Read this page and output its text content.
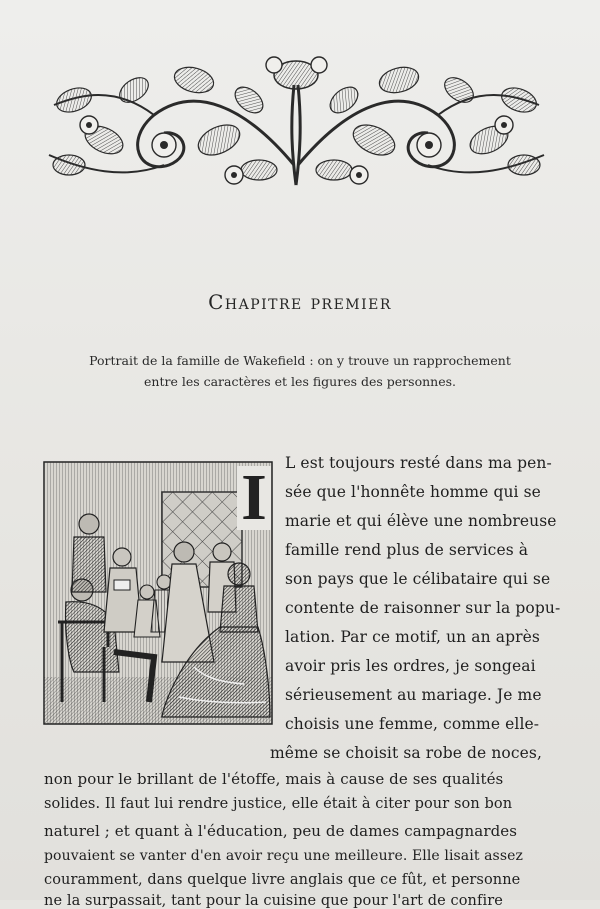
Chapitre premier
Portrait de la famille de Wakefield : on y trouve un rapprochement
entre les caractères et les figures des personnes.
I L est toujours resté dans ma pen-
sée que l'honnête homme qui se
marie et qui élève une nombreuse
famille rend plus de services à
son pays que le célibataire qui se
contente de raisonner sur la popu-
lation. Par ce motif, un an après
avoir pris les ordres, je songeai
sérieusement au mariage. Je me
choisis une femme, comme elle-
même se choisit sa robe de noces,
non pour le brillant de l'étoffe, mais à cause de ses qualités
solides. Il faut lui rendre justice, elle était à citer pour son bon
naturel ; et quant à l'éducation, peu de dames campagnardes
pouvaient se vanter d'en avoir reçu une meilleure. Elle lisait assez
couramment, dans quelque livre anglais que ce fût, et personne
ne la surpassait, tant pour la cuisine que pour l'art de confire
